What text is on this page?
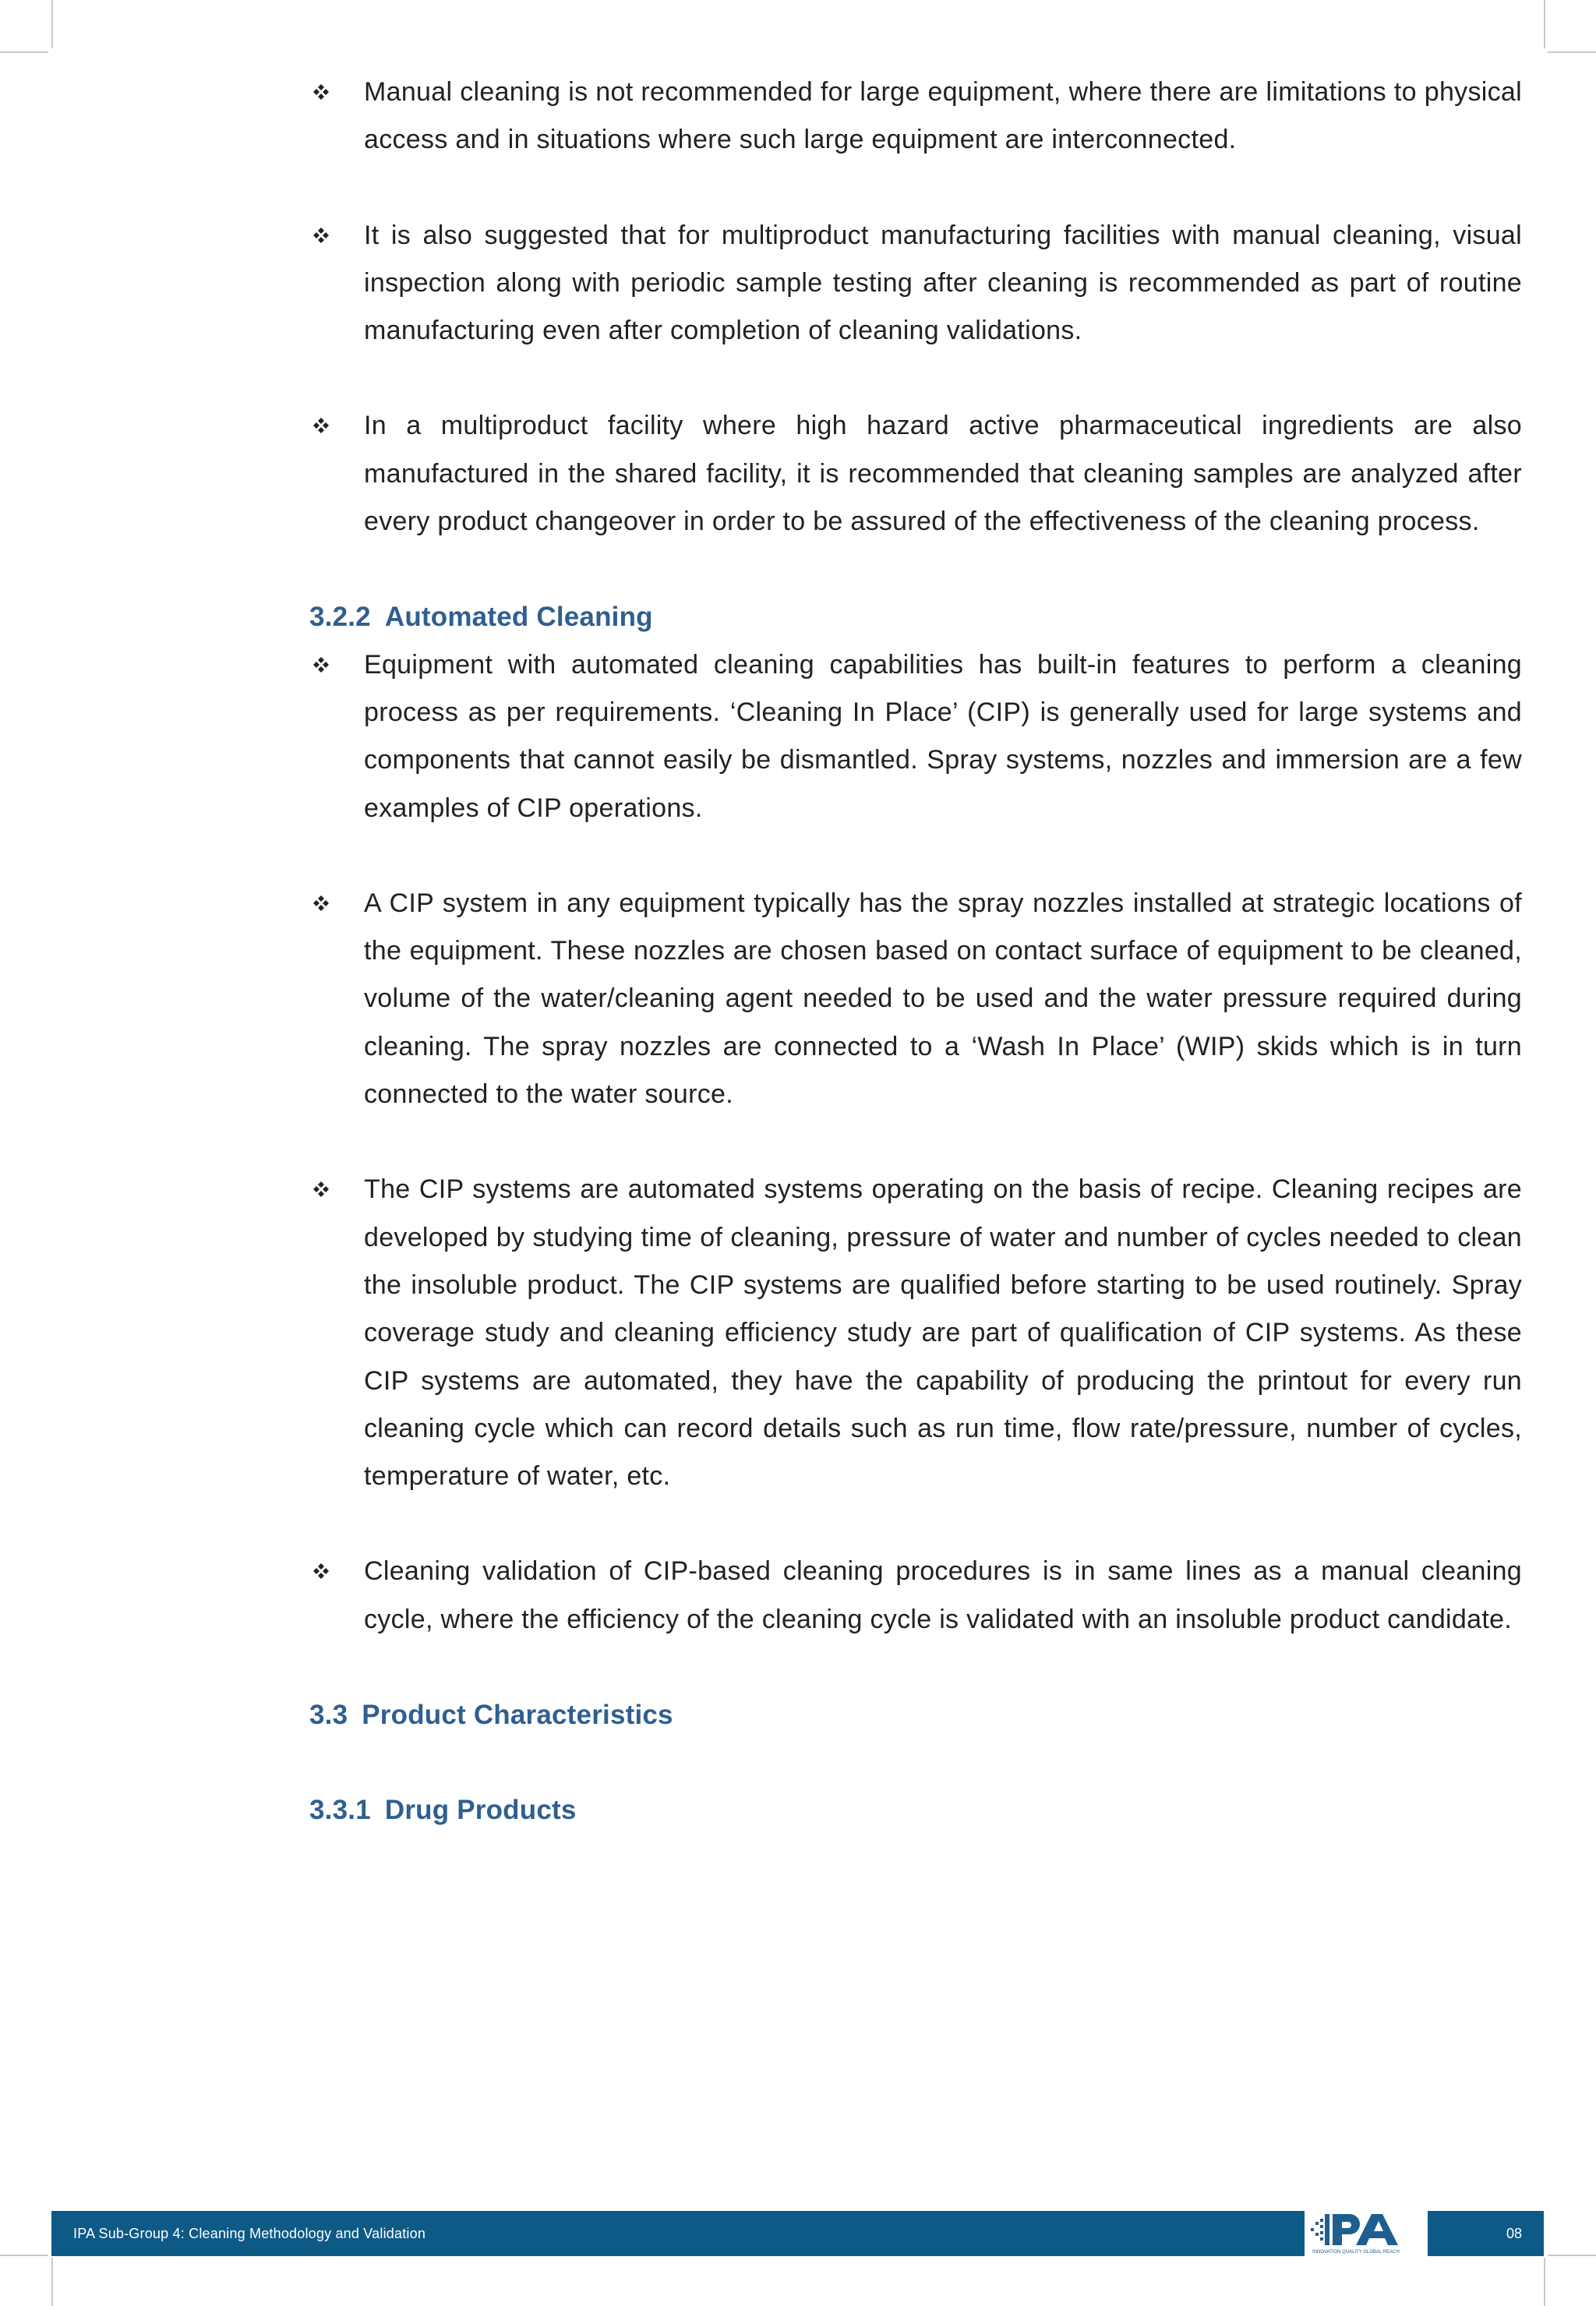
Manual cleaning is not recommended for large equipment, where there are limitations to physical access and in situations where such large equipment are interconnected.
It is also suggested that for multiproduct manufacturing facilities with manual cleaning, visual inspection along with periodic sample testing after cleaning is recommended as part of routine manufacturing even after completion of cleaning validations.
In a multiproduct facility where high hazard active pharmaceutical ingredients are also manufactured in the shared facility, it is recommended that cleaning samples are analyzed after every product changeover in order to be assured of the effectiveness of the cleaning process.
3.2.2 Automated Cleaning
Equipment with automated cleaning capabilities has built-in features to perform a cleaning process as per requirements. ‘Cleaning In Place’ (CIP) is generally used for large systems and components that cannot easily be dismantled. Spray systems, nozzles and immersion are a few examples of CIP operations.
A CIP system in any equipment typically has the spray nozzles installed at strategic locations of the equipment. These nozzles are chosen based on contact surface of equipment to be cleaned, volume of the water/cleaning agent needed to be used and the water pressure required during cleaning. The spray nozzles are connected to a ‘Wash In Place’ (WIP) skids which is in turn connected to the water source.
The CIP systems are automated systems operating on the basis of recipe. Cleaning recipes are developed by studying time of cleaning, pressure of water and number of cycles needed to clean the insoluble product. The CIP systems are qualified before starting to be used routinely. Spray coverage study and cleaning efficiency study are part of qualification of CIP systems. As these CIP systems are automated, they have the capability of producing the printout for every run cleaning cycle which can record details such as run time, flow rate/pressure, number of cycles, temperature of water, etc.
Cleaning validation of CIP-based cleaning procedures is in same lines as a manual cleaning cycle, where the efficiency of the cleaning cycle is validated with an insoluble product candidate.
3.3 Product Characteristics
3.3.1 Drug Products
IPA Sub-Group 4: Cleaning Methodology and Validation
INNOVATION QUALITY GLOBAL REACH
08
